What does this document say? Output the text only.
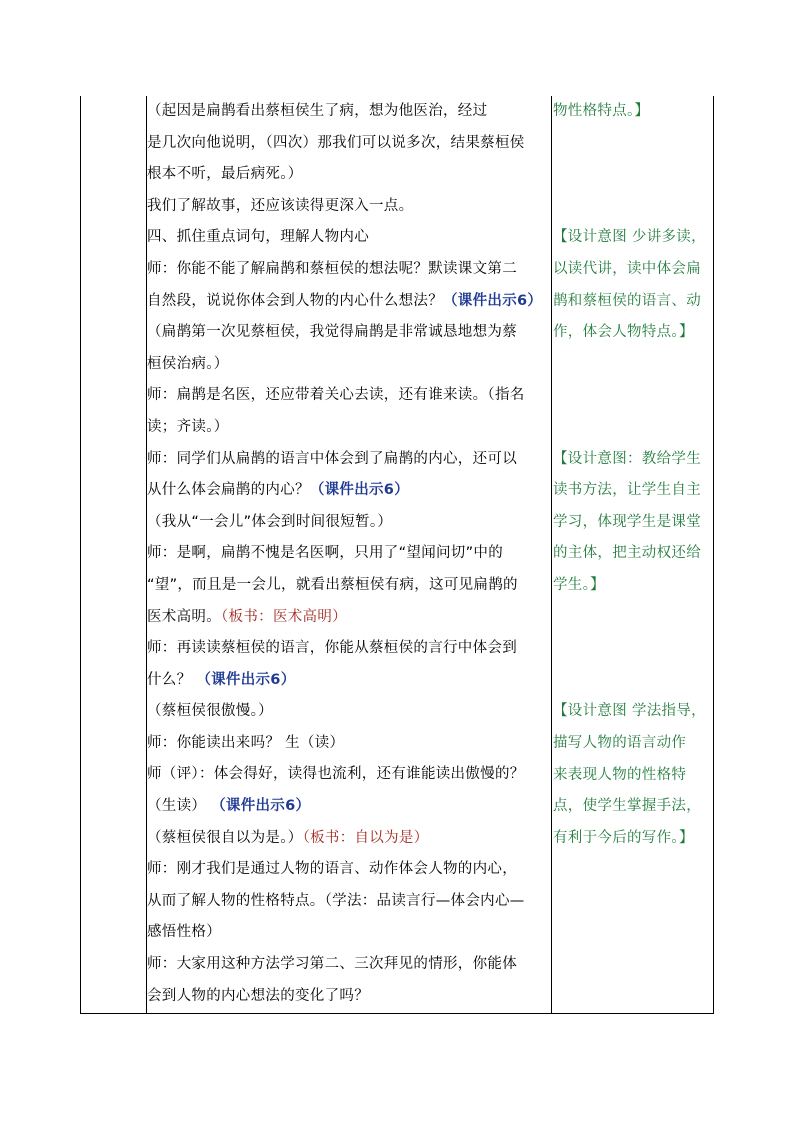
（起因是扁鹊看出蔡桓侯生了病，想为他医治，经过
是几次向他说明，（四次）那我们可以说多次，结果蔡桓侯
根本不听，最后病死。）
我们了解故事，还应该读得更深入一点。
四、抓住重点词句，理解人物内心
师：你能不能了解扁鹊和蔡桓侯的想法呢？默读课文第二
自然段，说说你体会到人物的内心什么想法？（课件出示6）
（扁鹊第一次见蔡桓侯，我觉得扁鹊是非常诚恳地想为蔡
桓侯治病。）
师：扁鹊是名医，还应带着关心去读，还有谁来读。（指名
读；齐读。）
师：同学们从扁鹊的语言中体会到了扁鹊的内心，还可以
从什么体会扁鹊的内心？（课件出示6）
（我从“一会儿”体会到时间很短暂。）
师：是啊，扁鹊不愧是名医啊，只用了“望闻问切”中的
“望”，而且是一会儿，就看出蔡桓侯有病，这可见扁鹊的
医术高明。（板书：医术高明）
师：再读读蔡桓侯的语言，你能从蔡桓侯的言行中体会到
什么？ （课件出示6）
（蔡桓侯很傲慢。）
师：你能读出来吗？ 生（读）
师（评）：体会得好，读得也流利，还有谁能读出傲慢的？
（生读） （课件出示6）
（蔡桓侯很自以为是。）（板书：自以为是）
师：刚才我们是通过人物的语言、动作体会人物的内心，
从而了解人物的性格特点。（学法：品读言行—体会内心—
感悟性格）
师：大家用这种方法学习第二、三次拜见的情形，你能体
会到人物的内心想法的变化了吗？
物性格特点。】
【设计意图 少讲多读，
以读代讲，读中体会扁
鹊和蔡桓侯的语言、动
作，体会人物特点。】
【设计意图：教给学生
读书方法，让学生自主
学习，体现学生是课堂
的主体，把主动权还给
学生。】
【设计意图 学法指导，
描写人物的语言动作
来表现人物的性格特
点，使学生掌握手法，
有利于今后的写作。】
